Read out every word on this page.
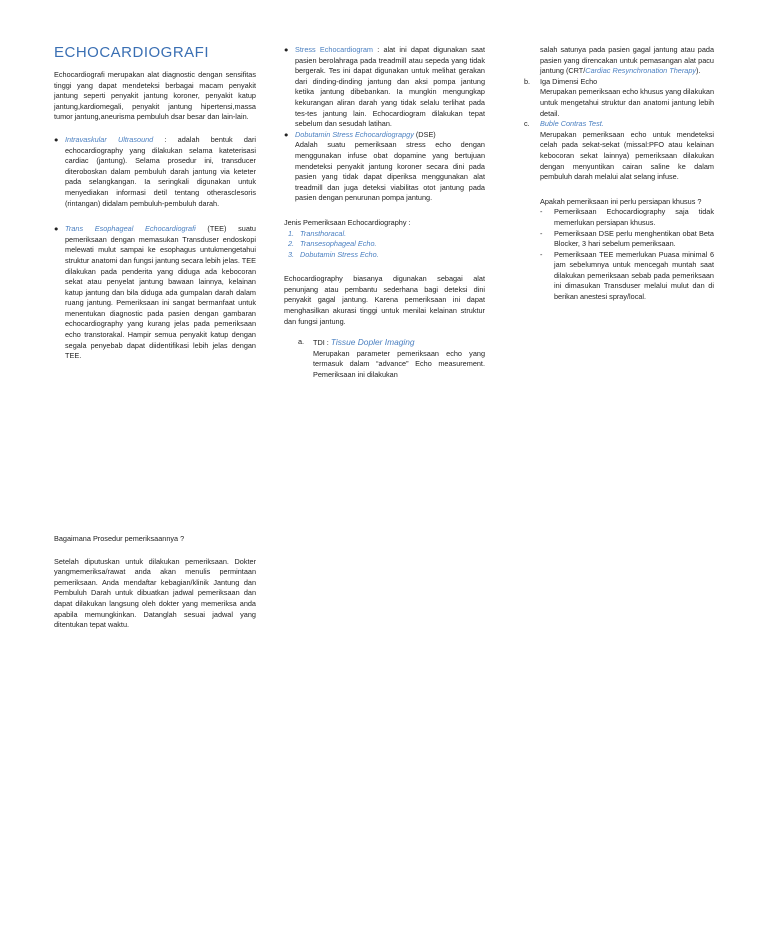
ECHOCARDIOGRAFI

Echocardiografi merupakan alat diagnostic dengan sensifitas tinggi yang dapat mendeteksi berbagai macam penyakit jantung seperti penyakit jantung koroner, penyakit katup jantung,kardiomegali, penyakit jantung hipertensi,massa tumor jantung,aneurisma pembuluh dsar besar dan lain-lain.

● Intravaskular Ultrasound : adalah bentuk dari echocardiography yang dilakukan selama kateterisasi cardiac (jantung). Selama prosedur ini, transducer diteroboskan dalam pembuluh darah jantung via keteter pada selangkangan. Ia seringkali digunakan untuk menyediakan informasi detil tentang otherasclesoris (rintangan) didalam pembuluh-pembuluh darah.
● Trans Esophageal Echocardiografi (TEE) suatu pemeriksaan dengan memasukan Transduser endoskopi melewati mulut sampai ke esophagus untukmengetahui struktur anatomi dan fungsi jantung secara lebih jelas. TEE dilakukan pada penderita yang diduga ada kebocoran sekat atau penyelat jantung bawaan lainnya, kelainan katup jantung dan bila diduga ada gumpalan darah dalam ruang jantung. Pemeriksaan ini sangat bermanfaat untuk menentukan diagnostic pada pasien dengan gambaran echocardiography yang kurang jelas pada pemeriksaan echo transtorakal. Hampir semua penyakit katup dengan segala penyebab dapat diidentifikasi lebih jelas dengan TEE.

Bagaimana Prosedur pemeriksaannya ?

Setelah diputuskan untuk dilakukan pemeriksaan. Dokter yangmemeriksa/rawat anda akan menulis permintaan pemeriksaan. Anda mendaftar kebagian/klinik Jantung dan Pembuluh Darah untuk dibuatkan jadwal pemeriksaan dan dapat dilakukan langsung oleh dokter yang memeriksa anda apabila memungkinkan. Datanglah sesuai jadwal yang ditentukan tepat waktu.

● Stress Echocardiogram : alat ini dapat digunakan saat pasien berolahraga pada treadmill atau sepeda yang tidak bergerak. Tes ini dapat digunakan untuk melihat gerakan dari dinding-dinding jantung dan aksi pompa jantung ketika jantung dibebankan. Ia mungkin mengungkap kekurangan aliran darah yang tidak selalu terlihat pada tes-tes jantung lain. Echocardiogram dilakukan tepat sebelum dan sesudah latihan.
● Dobutamin Stress Echocardiograpgy (DSE)
Adalah suatu pemeriksaan stress echo dengan menggunakan infuse obat dopamine yang bertujuan mendeteksi penyakit jantung koroner secara dini pada pasien yang tidak dapat diperiksa menggunakan alat treadmill dan juga deteksi viabilitas otot jantung pada pasien dengan penurunan pompa jantung.

Jenis Pemeriksaan Echocardiography :

1. Transthoracal.
2. Transesophageal Echo.
3. Dobutamin Stress Echo.

Echocardiography biasanya digunakan sebagai alat penunjang atau pembantu sederhana bagi deteksi dini penyakit gagal jantung. Karena pemeriksaan ini dapat menghasilkan akurasi tinggi untuk menilai kelainan struktur dan fungsi jantung.

a. TDI : Tissue Dopler Imaging
Merupakan parameter pemeriksaan echo yang termasuk dalam “advance” Echo measurement. Pemeriksaan ini dilakukan

salah satunya pada pasien gagal jantung atau pada pasien yang direncakan untuk pemasangan alat pacu jantung (CRT/Cardiac Resynchronation Therapy).

b. Iga Dimensi Echo
Merupakan pemeriksaan echo khusus yang dilakukan untuk mengetahui struktur dan anatomi jantung lebih detail.
c. Buble Contras Test.
Merupakan pemeriksaan echo untuk mendeteksi celah pada sekat-sekat (missal:PFO atau kelainan kebocoran sekat lainnya) pemeriksaan dilakukan dengan menyuntikan cairan saline ke dalam pembuluh darah melalui alat selang infuse.

Apakah pemeriksaan ini perlu persiapan khusus ?

- Pemeriksaan Echocardiography saja tidak memerlukan persiapan khusus.
- Pemeriksaan DSE perlu menghentikan obat Beta Blocker, 3 hari sebelum pemeriksaan.
- Pemeriksaan TEE memerlukan Puasa minimal 6 jam sebelumnya untuk mencegah muntah saat dilakukan pemeriksaan sebab pada pemeriksaan ini dimasukan Transduser melalui mulut dan di berikan anestesi spray/local.
